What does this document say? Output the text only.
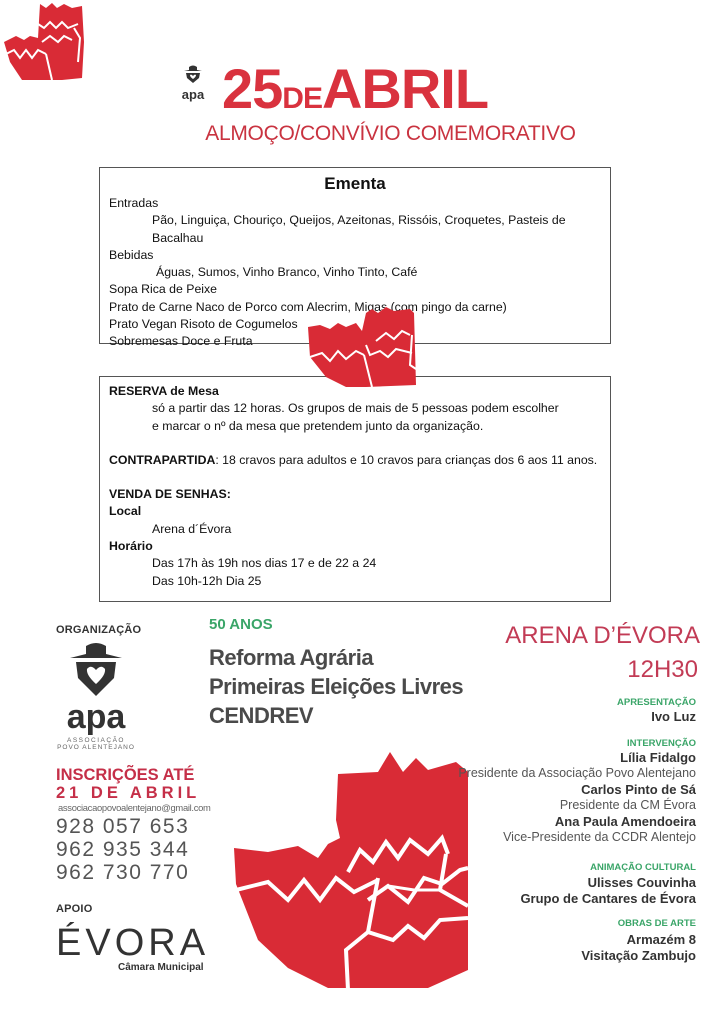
apa 25DEABRIL
ALMOÇO/CONVÍVIO COMEMORATIVO
Ementa
Entradas
Pão, Linguiça, Chouriço, Queijos, Azeitonas, Rissóis, Croquetes, Pasteis de Bacalhau
Bebidas
Águas, Sumos, Vinho Branco, Vinho Tinto, Café
Sopa Rica de Peixe
Prato de Carne Naco de Porco com Alecrim, Migas (com pingo da carne)
Prato Vegan Risoto de Cogumelos
Sobremesas Doce e Fruta
RESERVA de Mesa
só a partir das 12 horas. Os grupos de mais de 5 pessoas podem escolher
e marcar o nº da mesa que pretendem junto da organização.
CONTRAPARTIDA: 18 cravos para adultos e 10 cravos para crianças dos 6 aos 11 anos.
VENDA DE SENHAS:
Local
Arena d´Évora
Horário
Das 17h às 19h nos dias 17 e de 22 a 24
Das 10h-12h Dia 25
ORGANIZAÇÃO
apa
ASSOCIAÇÃO
POVO ALENTEJANO
INSCRIÇÕES ATÉ
21 DE ABRIL
associacaopovoalentejano@gmail.com
928 057 653
962 935 344
962 730 770
APOIO
ÉVORA
Câmara Municipal
50 ANOS
Reforma Agrária
Primeiras Eleições Livres
CENDREV
ARENA D’ÉVORA
12H30
APRESENTAÇÃO
Ivo Luz
INTERVENÇÃO
Lília Fidalgo
Presidente da Associação Povo Alentejano
Carlos Pinto de Sá
Presidente da CM Évora
Ana Paula Amendoeira
Vice-Presidente da CCDR Alentejo
ANIMAÇÃO CULTURAL
Ulisses Couvinha
Grupo de Cantares de Évora
OBRAS DE ARTE
Armazém 8
Visitação Zambujo
